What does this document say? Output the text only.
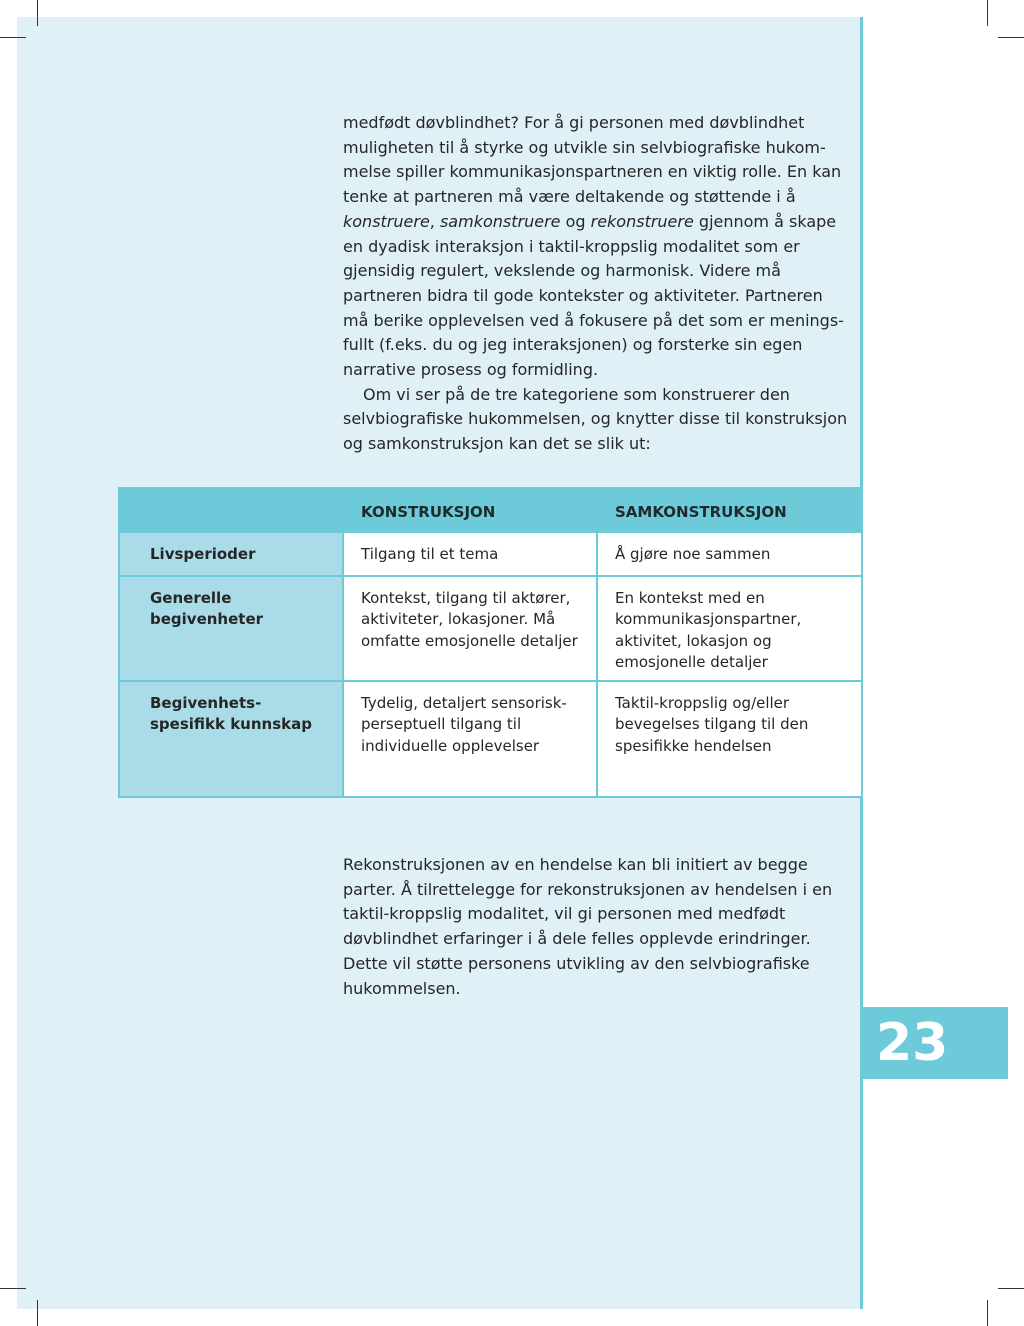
medfødt døvblindhet? For å gi personen med døvblindhet muligheten til å styrke og utvikle sin selvbiografiske hukommelse spiller kommunikasjonspartneren en viktig rolle. En kan tenke at partneren må være deltakende og støttende i å konstruere, samkonstruere og rekonstruere gjennom å skape en dyadisk interaksjon i taktil-kroppslig modalitet som er gjensidig regulert, vekslende og harmonisk. Videre må partneren bidra til gode kontekster og aktiviteter. Partneren må berike opplevelsen ved å fokusere på det som er meningsfullt (f.eks. du og jeg interaksjonen) og forsterke sin egen narrative prosess og formidling.
Om vi ser på de tre kategoriene som konstruerer den selvbiografiske hukommelsen, og knytter disse til konstruksjon og samkonstruksjon kan det se slik ut:
	KONSTRUKSJON	SAMKONSTRUKSJON
Livsperioder	Tilgang til et tema	Å gjøre noe sammen
Generelle begivenheter	Kontekst, tilgang til aktører, aktiviteter, lokasjoner. Må omfatte emosjonelle detaljer	En kontekst med en kommunikasjonspartner, aktivitet, lokasjon og emosjonelle detaljer
Begivenhetsspesifikk kunnskap	Tydelig, detaljert sensorisk-perseptuell tilgang til individuelle opplevelser	Taktil-kroppslig og/eller bevegelses tilgang til den spesifikke hendelsen
Rekonstruksjonen av en hendelse kan bli initiert av begge parter. Å tilrettelegge for rekonstruksjonen av hendelsen i en taktil-kroppslig modalitet, vil gi personen med medfødt døvblindhet erfaringer i å dele felles opplevde erindringer. Dette vil støtte personens utvikling av den selvbiografiske hukommelsen.
23
